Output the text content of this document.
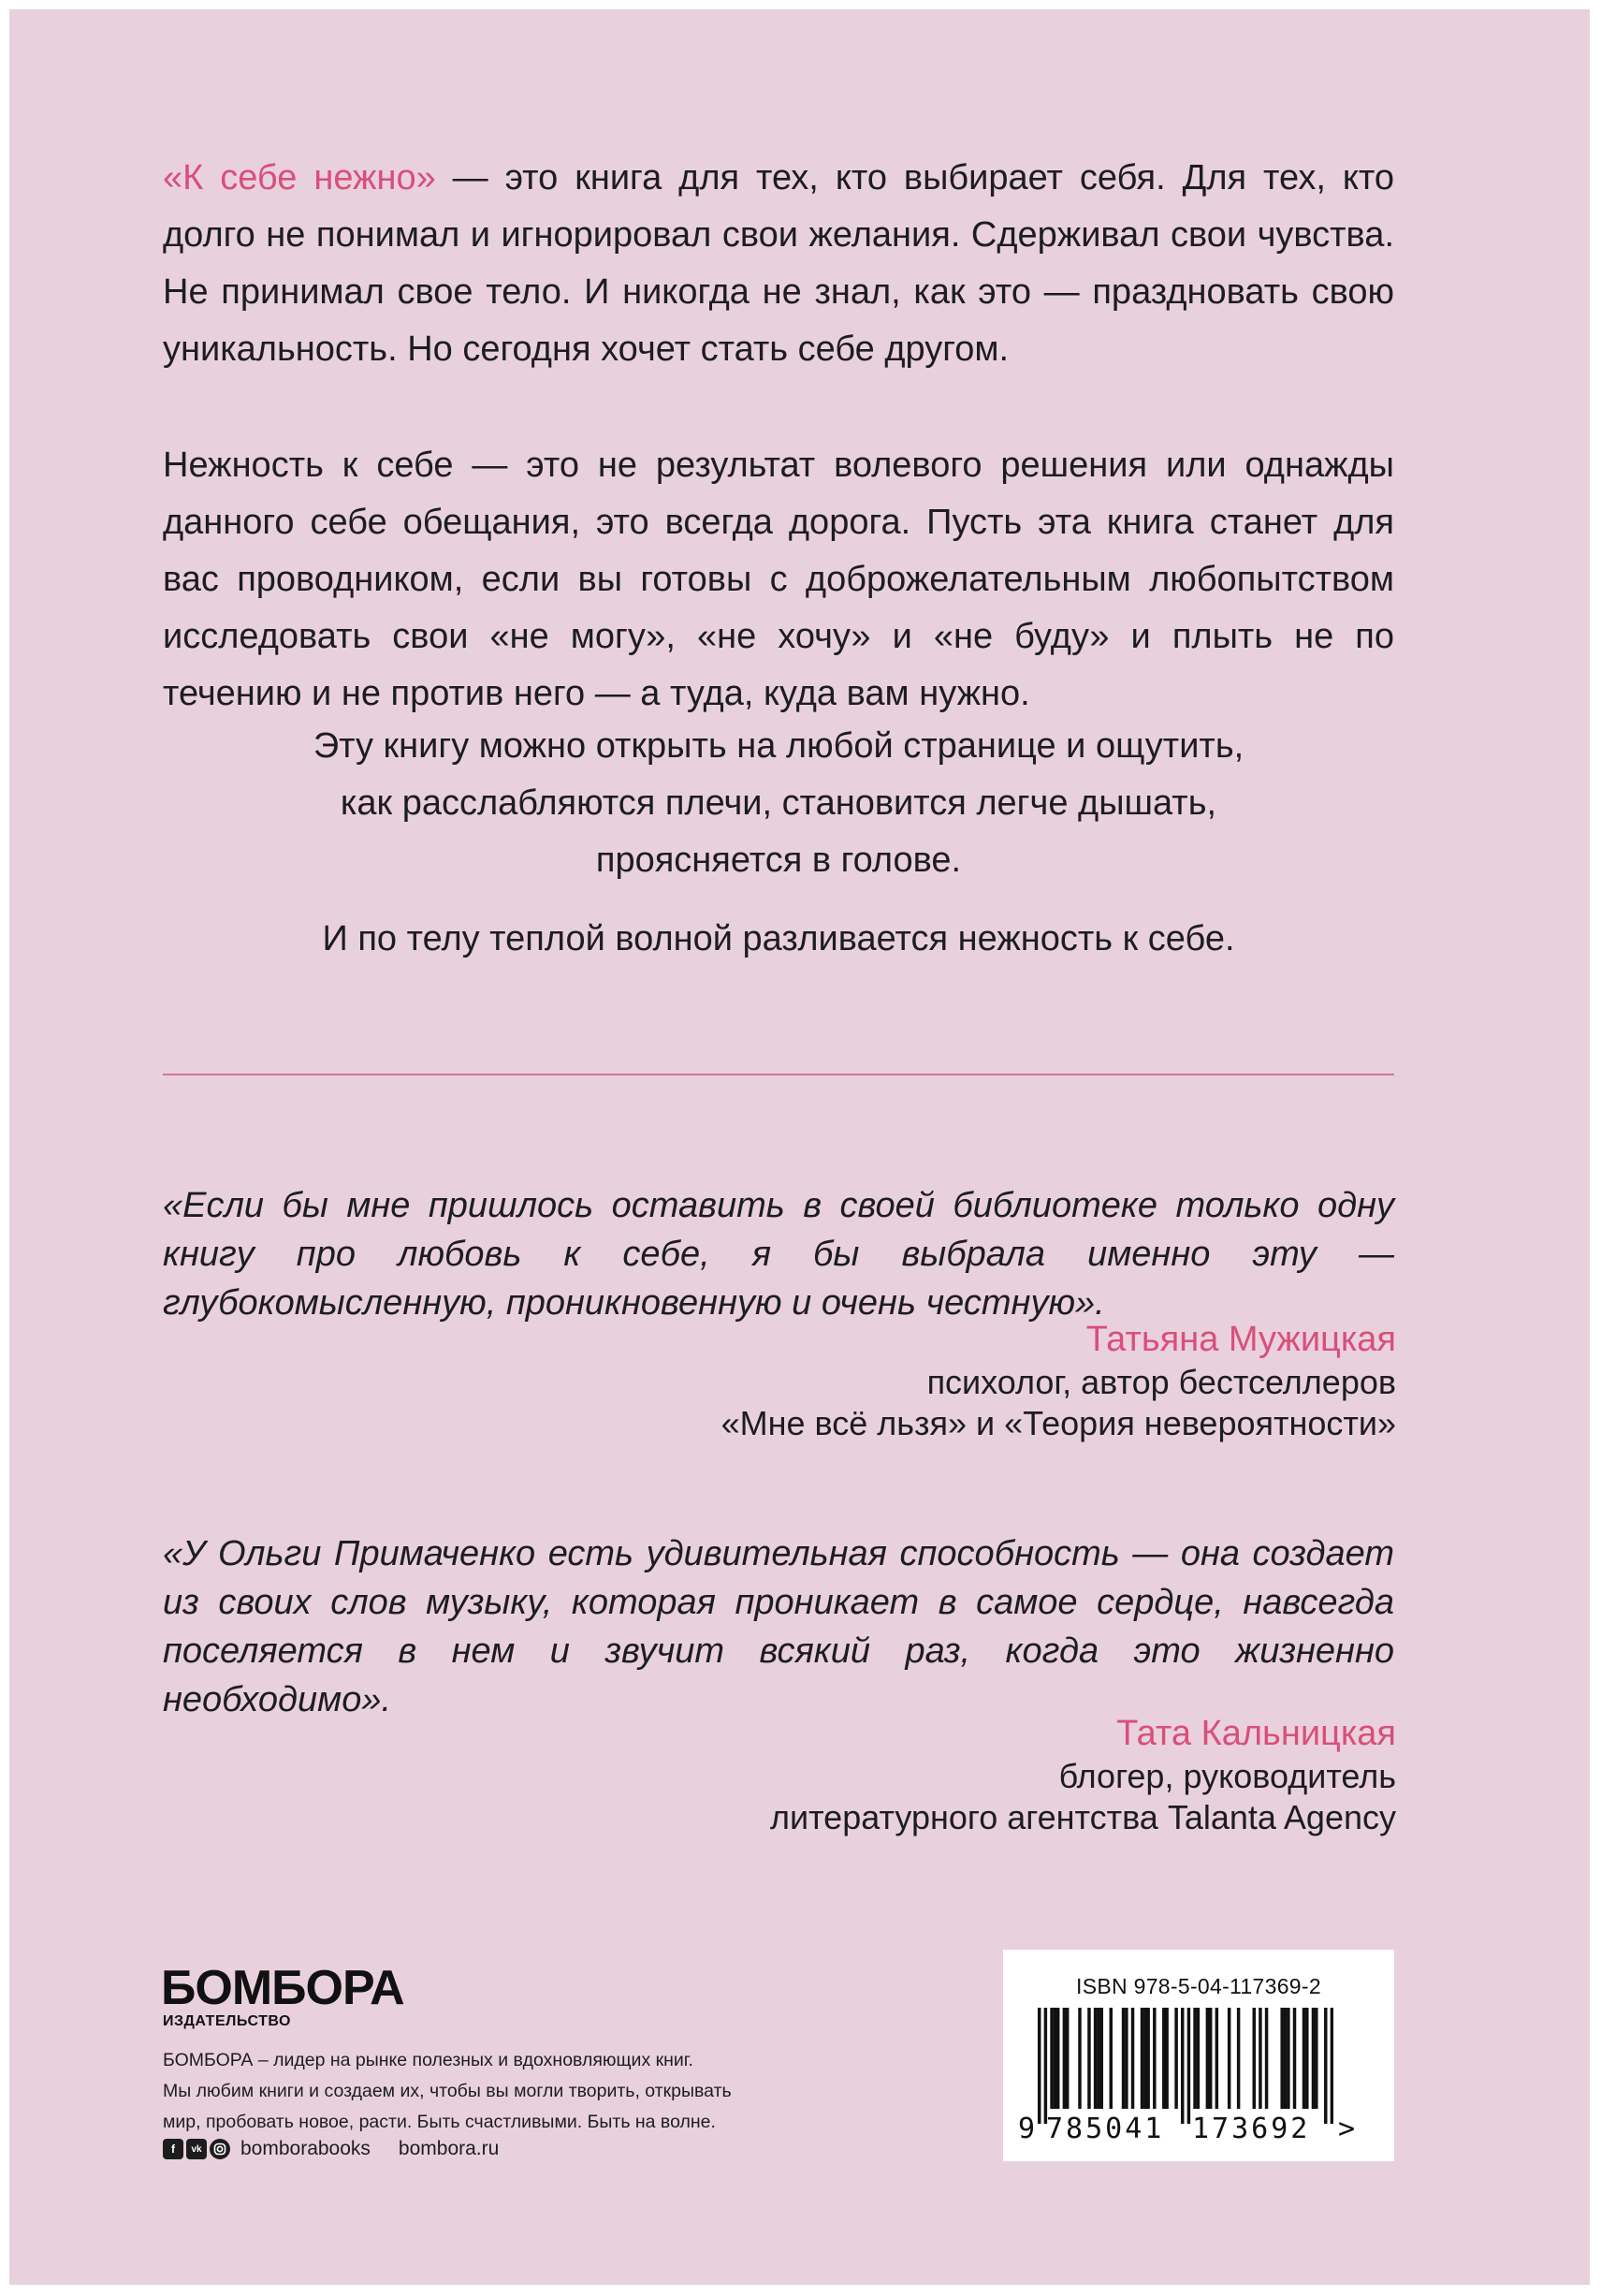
«К себе нежно» — это книга для тех, кто выбирает себя. Для тех, кто долго не понимал и игнорировал свои желания. Сдерживал свои чувства. Не принимал свое тело. И никогда не знал, как это — праздновать свою уникальность. Но сегодня хочет стать себе другом.

Нежность к себе — это не результат волевого решения или однажды данного себе обещания, это всегда дорога. Пусть эта книга станет для вас проводником, если вы готовы с доброжелательным любопытством исследовать свои «не могу», «не хочу» и «не буду» и плыть не по течению и не против него — а туда, куда вам нужно.

Эту книгу можно открыть на любой странице и ощутить,
как расслабляются плечи, становится легче дышать,
проясняется в голове.

И по телу теплой волной разливается нежность к себе.

«Если бы мне пришлось оставить в своей библиотеке только одну книгу про любовь к себе, я бы выбрала именно эту — глубокомысленную, проникновенную и очень честную».

Татьяна Мужицкая
психолог, автор бестселлеров
«Мне всё льзя» и «Теория невероятности»

«У Ольги Примаченко есть удивительная способность — она создает из своих слов музыку, которая проникает в самое сердце, навсегда поселяется в нем и звучит всякий раз, когда это жизненно необходимо».

Тата Кальницкая
блогер, руководитель
литературного агентства Talanta Agency
БОМБОРА
ИЗДАТЕЛЬСТВО

БОМБОРА – лидер на рынке полезных и вдохновляющих книг.
Мы любим книги и создаем их, чтобы вы могли творить, открывать
мир, пробовать новое, расти. Быть счастливыми. Быть на волне.

f	vk bomborabooks bombora.ru
ISBN 978-5-04-117369-2
9 785041 173692 >
